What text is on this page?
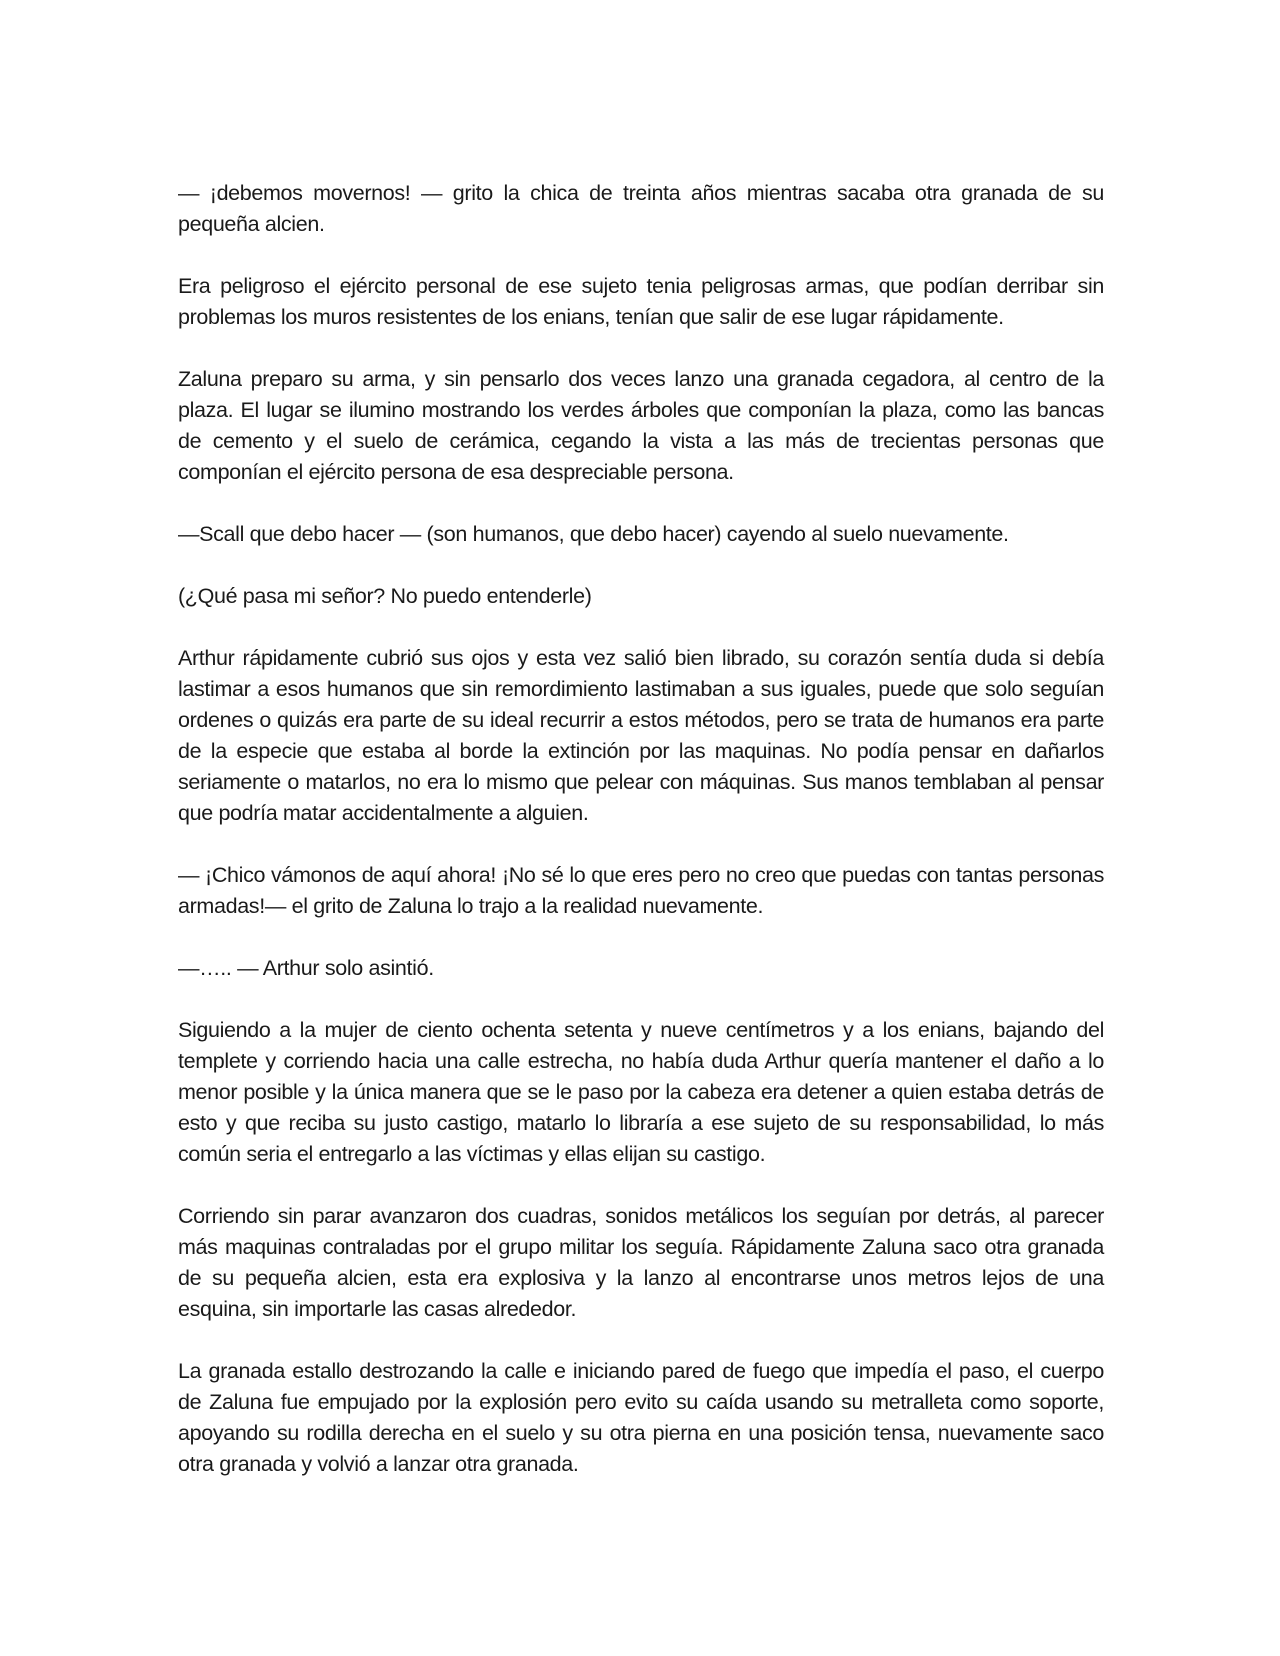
— ¡debemos movernos! — grito la chica de treinta años mientras sacaba otra granada de su pequeña alcien.

Era peligroso el ejército personal de ese sujeto tenia peligrosas armas, que podían derribar sin problemas los muros resistentes de los enians, tenían que salir de ese lugar rápidamente.

Zaluna preparo su arma, y sin pensarlo dos veces lanzo una granada cegadora, al centro de la plaza. El lugar se ilumino mostrando los verdes árboles que componían la plaza, como las bancas de cemento y el suelo de cerámica, cegando la vista a las más de trecientas personas que componían el ejército persona de esa despreciable persona.

—Scall que debo hacer — (son humanos, que debo hacer) cayendo al suelo nuevamente.

(¿Qué pasa mi señor? No puedo entenderle)

Arthur rápidamente cubrió sus ojos y esta vez salió bien librado, su corazón sentía duda si debía lastimar a esos humanos que sin remordimiento lastimaban a sus iguales, puede que solo seguían ordenes o quizás era parte de su ideal recurrir a estos métodos, pero se trata de humanos era parte de la especie que estaba al borde la extinción por las maquinas. No podía pensar en dañarlos seriamente o matarlos, no era lo mismo que pelear con máquinas. Sus manos temblaban al pensar que podría matar accidentalmente a alguien.

— ¡Chico vámonos de aquí ahora! ¡No sé lo que eres pero no creo que puedas con tantas personas armadas!— el grito de Zaluna lo trajo a la realidad nuevamente.

—….. — Arthur solo asintió.

Siguiendo a la mujer de ciento ochenta setenta y nueve centímetros y a los enians, bajando del templete y corriendo hacia una calle estrecha, no había duda Arthur quería mantener el daño a lo menor posible y la única manera que se le paso por la cabeza era detener a quien estaba detrás de esto y que reciba su justo castigo, matarlo lo libraría a ese sujeto de su responsabilidad, lo más común seria el entregarlo a las víctimas y ellas elijan su castigo.

Corriendo sin parar avanzaron dos cuadras, sonidos metálicos los seguían por detrás, al parecer más maquinas contraladas por el grupo militar los seguía. Rápidamente Zaluna saco otra granada de su pequeña alcien, esta era explosiva y la lanzo al encontrarse unos metros lejos de una esquina, sin importarle las casas alrededor.

La granada estallo destrozando la calle e iniciando pared de fuego que impedía el paso, el cuerpo de Zaluna fue empujado por la explosión pero evito su caída usando su metralleta como soporte, apoyando su rodilla derecha en el suelo y su otra pierna en una posición tensa, nuevamente saco otra granada y volvió a lanzar otra granada.
